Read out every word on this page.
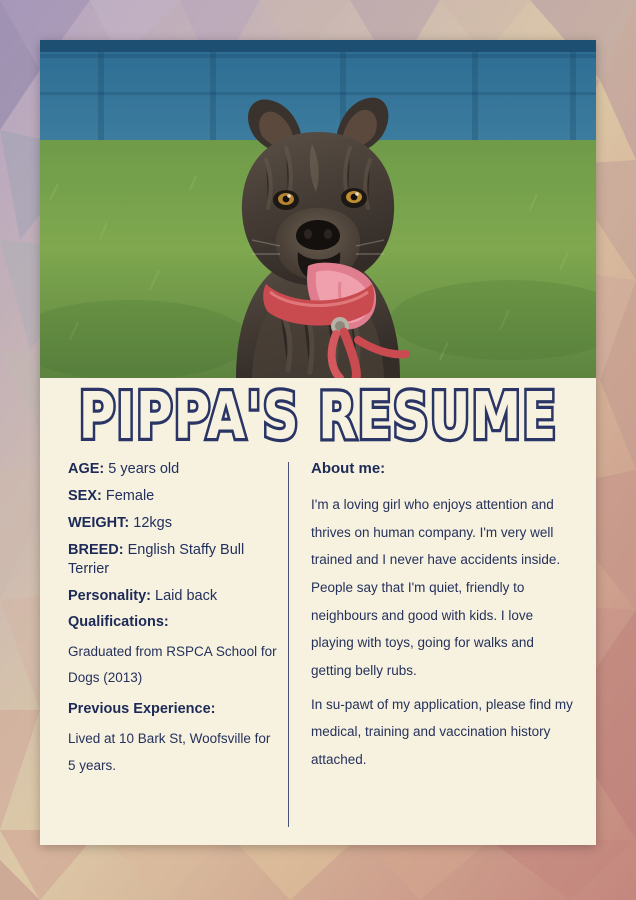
PIPPA'S RESUME
AGE: 5 years old
SEX: Female
WEIGHT: 12kgs
BREED: English Staffy Bull Terrier
Personality: Laid back
Qualifications:
Graduated from RSPCA School for Dogs (2013)
Previous Experience:
Lived at 10 Bark St, Woofsville for 5 years.
About me:
I'm a loving girl who enjoys attention and thrives on human company. I'm very well trained and I never have accidents inside. People say that I'm quiet, friendly to neighbours and good with kids. I love playing with toys, going for walks and getting belly rubs.
In su-pawt of my application, please find my medical, training and vaccination history attached.
